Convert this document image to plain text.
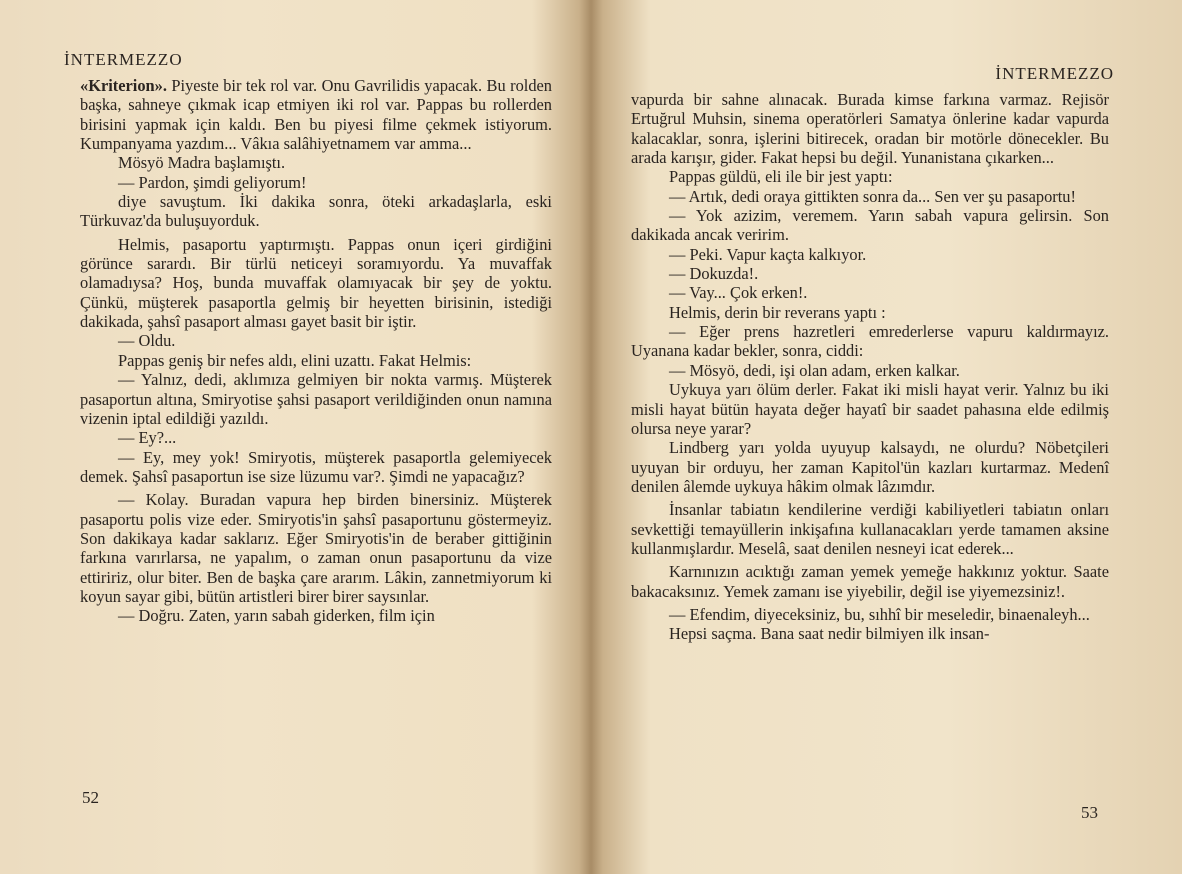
İNTERMEZZO

«Kriterion». Piyeste bir tek rol var. Onu Gavrilidis yapacak. Bu rolden başka, sahneye çıkmak icap etmiyen iki rol var. Pappas bu rollerden birisini yapmak için kaldı. Ben bu piyesi filme çekmek istiyorum. Kumpanyama yazdım... Vâkıa salâhiyetnamem var amma...

Mösyö Madra başlamıştı.

— Pardon, şimdi geliyorum!

diye savuştum. İki dakika sonra, öteki arkadaşlarla, eski Türkuvaz'da buluşuyorduk.

Helmis, pasaportu yaptırmıştı. Pappas onun içeri girdiğini görünce sarardı. Bir türlü neticeyi soramıyordu. Ya muvaffak olamadıysa? Hoş, bunda muvaffak olamıyacak bir şey de yoktu. Çünkü, müşterek pasaportla gelmiş bir heyetten birisinin, istediği dakikada, şahsî pasaport alması gayet basit bir iştir.

— Oldu.

Pappas geniş bir nefes aldı, elini uzattı. Fakat Helmis:

— Yalnız, dedi, aklımıza gelmiyen bir nokta varmış. Müşterek pasaportun altına, Smiryotise şahsi pasaport verildiğinden onun namına vizenin iptal edildiği yazıldı.

— Ey?...

— Ey, mey yok! Smiryotis, müşterek pasaportla gelemiyecek demek. Şahsî pasaportun ise size lüzumu var?. Şimdi ne yapacağız?

— Kolay. Buradan vapura hep birden binersiniz. Müşterek pasaportu polis vize eder. Smiryotis'in şahsî pasaportunu göstermeyiz. Son dakikaya kadar saklarız. Eğer Smiryotis'in de beraber gittiğinin farkına varırlarsa, ne yapalım, o zaman onun pasaportunu da vize ettiririz, olur biter. Ben de başka çare ararım. Lâkin, zannetmiyorum ki koyun sayar gibi, bütün artistleri birer birer saysınlar.

— Doğru. Zaten, yarın sabah giderken, film için

52
İNTERMEZZO

vapurda bir sahne alınacak. Burada kimse farkına varmaz. Rejisör Ertuğrul Muhsin, sinema operatörleri Samatya önlerine kadar vapurda kalacaklar, sonra, işlerini bitirecek, oradan bir motörle dönecekler. Bu arada karışır, gider. Fakat hepsi bu değil. Yunanistana çıkarken...

Pappas güldü, eli ile bir jest yaptı:

— Artık, dedi oraya gittikten sonra da... Sen ver şu pasaportu!

— Yok azizim, veremem. Yarın sabah vapura gelirsin. Son dakikada ancak veririm.

— Peki. Vapur kaçta kalkıyor.

— Dokuzda!.

— Vay... Çok erken!.

Helmis, derin bir reverans yaptı :

— Eğer prens hazretleri emrederlerse vapuru kaldırmayız. Uyanana kadar bekler, sonra, ciddi:

— Mösyö, dedi, işi olan adam, erken kalkar.

Uykuya yarı ölüm derler. Fakat iki misli hayat verir. Yalnız bu iki misli hayat bütün hayata değer hayatî bir saadet pahasına elde edilmiş olursa neye yarar?

Lindberg yarı yolda uyuyup kalsaydı, ne olurdu? Nöbetçileri uyuyan bir orduyu, her zaman Kapitol'ün kazları kurtarmaz. Medenî denilen âlemde uykuya hâkim olmak lâzımdır.

İnsanlar tabiatın kendilerine verdiği kabiliyetleri tabiatın onları sevkettiği temayüllerin inkişafına kullanacakları yerde tamamen aksine kullanmışlardır. Meselâ, saat denilen nesneyi icat ederek...

Karnınızın acıktığı zaman yemek yemeğe hakkınız yoktur. Saate bakacaksınız. Yemek zamanı ise yiyebilir, değil ise yiyemezsiniz!.

— Efendim, diyeceksiniz, bu, sıhhî bir meseledir, binaenaleyh...

Hepsi saçma. Bana saat nedir bilmiyen ilk insan-

53
